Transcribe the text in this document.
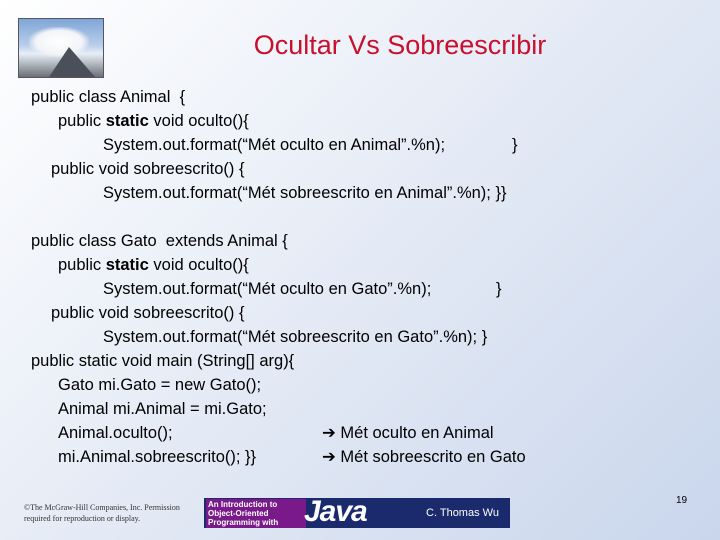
Ocultar Vs Sobreescribir
public class Animal  {
public static void oculto(){
System.out.format(“Mét oculto en Animal”.%n);	}
public void sobreescrito() {
System.out.format(“Mét sobreescrito en Animal”.%n); }}
public class Gato  extends Animal {
public static void oculto(){
System.out.format(“Mét oculto en Gato”.%n);	}
public void sobreescrito() {
System.out.format(“Mét sobreescrito en Gato”.%n); }
public static void main (String[] arg){
Gato mi.Gato = new Gato();
Animal mi.Animal = mi.Gato;
Animal.oculto();
mi.Animal.sobreescrito(); }}
➔ Mét oculto en Animal
➔ Mét sobreescrito en Gato
©The McGraw-Hill Companies, Inc. Permission required for reproduction or display.
An Introduction to Object-Oriented Programming with Java	C. Thomas Wu
19
